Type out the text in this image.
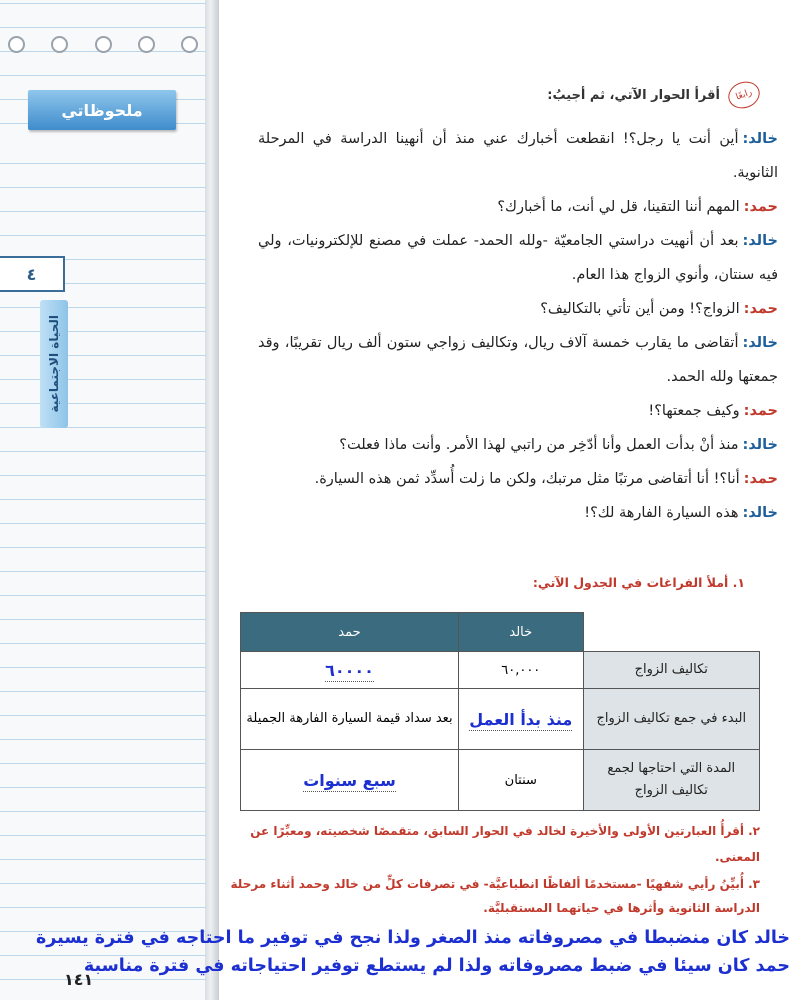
ملحوظاتي
٤
الحياة الاجتماعية
رابعًا
أقرأ الحوار الآتي، ثم أجيبُ:
خالد:أين أنت يا رجل؟! انقطعت أخبارك عني منذ أن أنهينا الدراسة في المرحلة الثانوية.
حمد:المهم أننا التقينا، قل لي أنت، ما أخبارك؟
خالد:بعد أن أنهيت دراستي الجامعيّة -ولله الحمد- عملت في مصنع للإلكترونيات، ولي فيه سنتان، وأنوي الزواج هذا العام.
حمد:الزواج؟! ومن أين تأتي بالتكاليف؟
خالد:أتقاضى ما يقارب خمسة آلاف ريال، وتكاليف زواجي ستون ألف ريال تقريبًا، وقد جمعتها ولله الحمد.
حمد:وكيف جمعتها؟!
خالد:منذ أنْ بدأت العمل وأنا أدّخِر من راتبي لهذا الأمر. وأنت ماذا فعلت؟
حمد:أنا؟! أنا أتقاضى مرتبًا مثل مرتبك، ولكن ما زلت أُسدِّد ثمن هذه السيارة.
خالد:هذه السيارة الفارهة لك؟!
١. أملأ الفراغات في الجدول الآتي:
	خالد	حمد
تكاليف الزواج	٦٠,٠٠٠	٦٠٠٠٠
البدء في جمع تكاليف الزواج	منذ بدأ العمل	بعد سداد قيمة السيارة الفارهة الجميلة
المدة التي احتاجها لجمع تكاليف الزواج	سنتان	سبع سنوات
٢. أقرأُ العبارتين الأولى والأخيرة لخالد في الحوار السابق، متقمصًا شخصيته، ومعبِّرًا عن المعنى.
٣. أُبيِّنُ رأيي شفهيًا -مستخدمًا ألفاظًا انطباعيَّة- في تصرفات كلٍّ من خالد وحمد أثناء مرحلة الدراسة الثانوية وأثرها في حياتهما المستقبليَّة.
خالد كان منضبطا في مصروفاته منذ الصغر ولذا نجح في توفير ما احتاجه في فترة يسيرة
حمد كان سيئا في ضبط مصروفاته ولذا لم يستطع توفير احتياجاته في فترة مناسبة
١٤١
